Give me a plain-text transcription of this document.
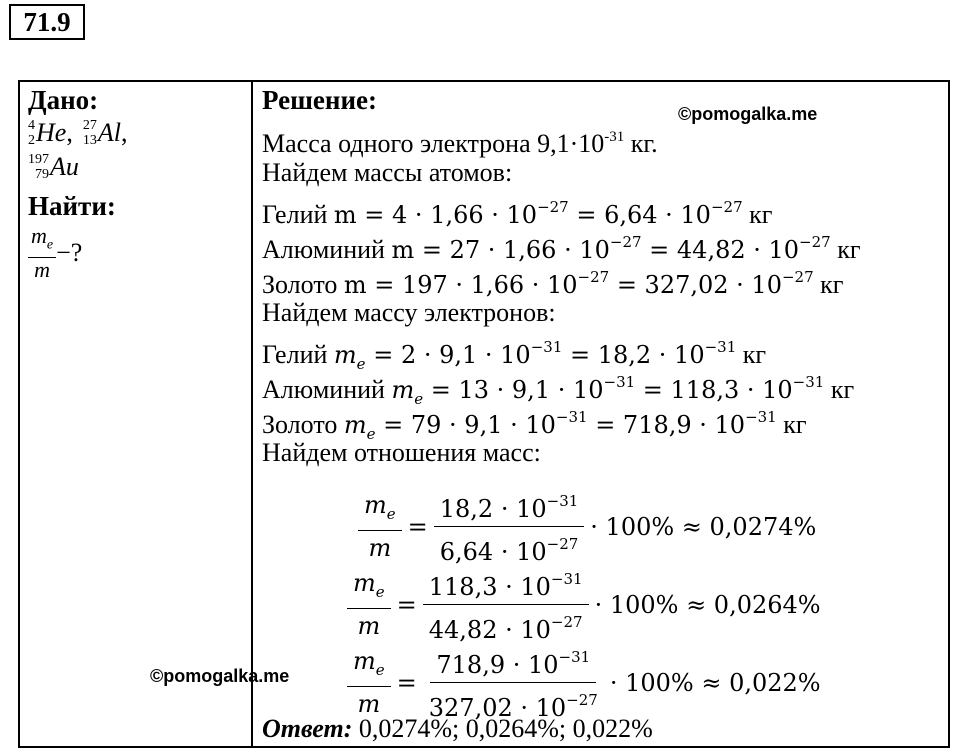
71.9
Дано:
4
2 He , 27
13 Al ,
197
79 Au
Найти:
$\frac{m_e}{m}$ −?
Решение:
Масса одного электрона $9,1\cdot 10^{-31}$ кг.
Найдем массы атомов:
Гелий $m = 4 \cdot 1,66 \cdot 10^{-27} = 6,64 \cdot 10^{-27}$ кг
Алюминий $m = 27 \cdot 1,66 \cdot 10^{-27} = 44,82 \cdot 10^{-27}$ кг
Золото $m = 197 \cdot 1,66 \cdot 10^{-27} = 327,02 \cdot 10^{-27}$ кг
Найдем массу электронов:
Гелий $m_e = 2 \cdot 9,1 \cdot 10^{-31} = 18,2 \cdot 10^{-31}$ кг
Алюминий $m_e = 13 \cdot 9,1 \cdot 10^{-31} = 118,3 \cdot 10^{-31}$ кг
Золото $m_e = 79 \cdot 9,1 \cdot 10^{-31} = 718,9 \cdot 10^{-31}$ кг
Найдем отношения масс:
$\frac{m_e}{m} = \frac{18,2 \cdot 10^{-31}}{6,64 \cdot 10^{-27}} \cdot 100\% \approx 0,0274\%$
$\frac{m_e}{m} = \frac{118,3 \cdot 10^{-31}}{44,82 \cdot 10^{-27}} \cdot 100\% \approx 0,0264\%$
$\frac{m_e}{m} = \frac{718,9 \cdot 10^{-31}}{327,02 \cdot 10^{-27}} \cdot 100\% \approx 0,022\%$
Ответ: 0,0274%; 0,0264%; 0,022%
©pomogalka.me
©pomogalka.me
